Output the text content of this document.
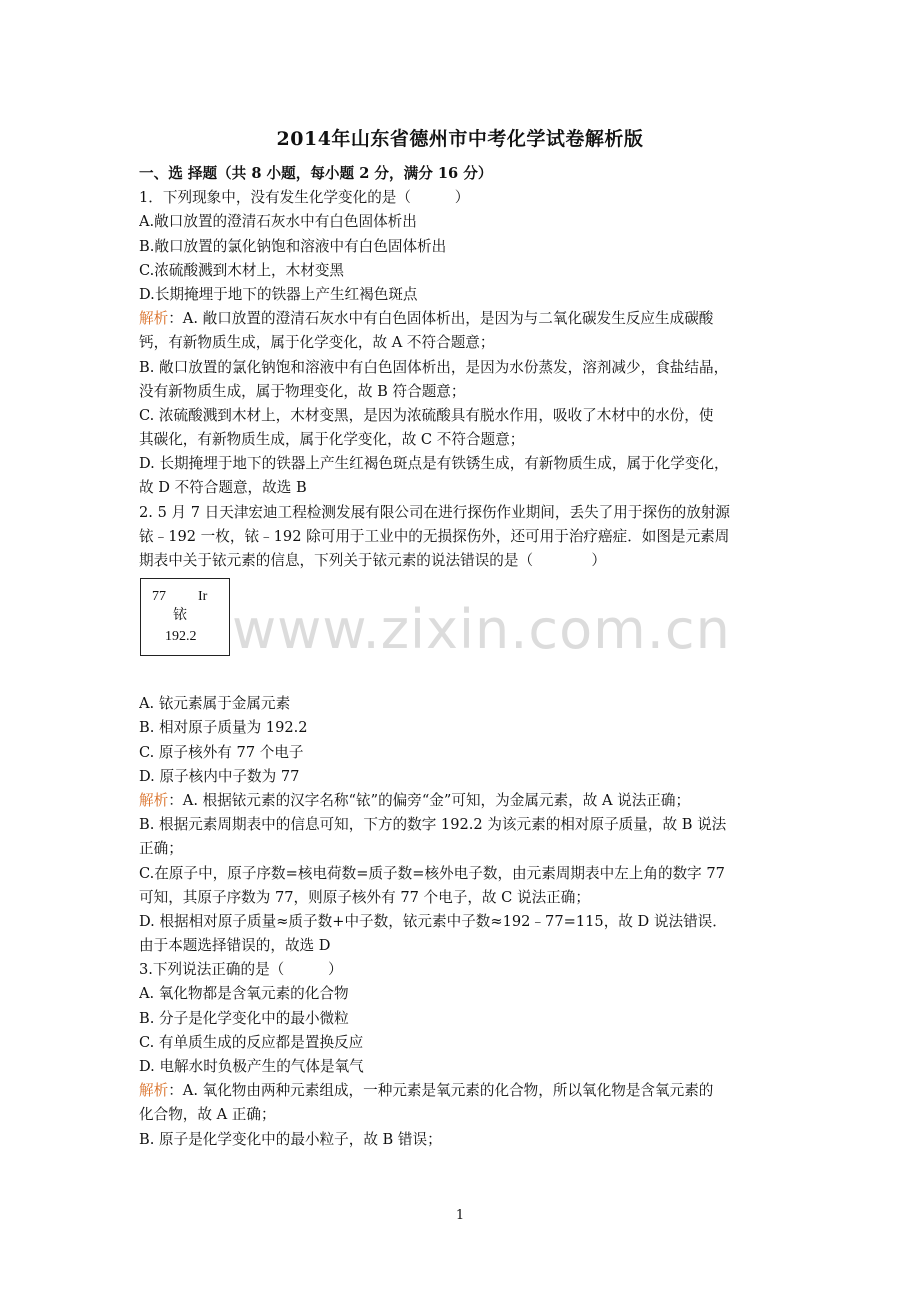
2014年山东省德州市中考化学试卷解析版
www.zixin.com.cn
一、选 择题（共 8 小题，每小题 2 分，满分 16 分）
1．下列现象中，没有发生化学变化的是（　　　）
A.敞口放置的澄清石灰水中有白色固体析出
B.敞口放置的氯化钠饱和溶液中有白色固体析出
C.浓硫酸溅到木材上，木材变黑
D.长期掩埋于地下的铁器上产生红褐色斑点
解析：A. 敞口放置的澄清石灰水中有白色固体析出，是因为与二氧化碳发生反应生成碳酸
钙，有新物质生成，属于化学变化，故 A 不符合题意；
B. 敞口放置的氯化钠饱和溶液中有白色固体析出，是因为水份蒸发，溶剂减少，食盐结晶，
没有新物质生成，属于物理变化，故 B 符合题意；
C. 浓硫酸溅到木材上，木材变黑，是因为浓硫酸具有脱水作用，吸收了木材中的水份，使
其碳化，有新物质生成，属于化学变化，故 C 不符合题意；
D. 长期掩埋于地下的铁器上产生红褐色斑点是有铁锈生成，有新物质生成，属于化学变化，
故 D 不符合题意，故选 B
2. 5 月 7 日天津宏迪工程检测发展有限公司在进行探伤作业期间，丢失了用于探伤的放射源
铱﹣192 一枚，铱﹣192 除可用于工业中的无损探伤外，还可用于治疗癌症．如图是元素周
期表中关于铱元素的信息，下列关于铱元素的说法错误的是（　　　　）
77 Ir
铱
192.2
A. 铱元素属于金属元素
B. 相对原子质量为 192.2
C. 原子核外有 77 个电子
D. 原子核内中子数为 77
解析：A. 根据铱元素的汉字名称“铱”的偏旁“金”可知，为金属元素，故 A 说法正确；
B. 根据元素周期表中的信息可知，下方的数字 192.2 为该元素的相对原子质量，故 B 说法
正确；
C.在原子中，原子序数=核电荷数=质子数=核外电子数，由元素周期表中左上角的数字 77
可知，其原子序数为 77，则原子核外有 77 个电子，故 C 说法正确；
D. 根据相对原子质量≈质子数+中子数，铱元素中子数≈192﹣77=115，故 D 说法错误．
由于本题选择错误的，故选 D
3.下列说法正确的是（　　　）
A. 氧化物都是含氧元素的化合物
B. 分子是化学变化中的最小微粒
C. 有单质生成的反应都是置换反应
D. 电解水时负极产生的气体是氧气
解析：A. 氧化物由两种元素组成，一种元素是氧元素的化合物，所以氧化物是含氧元素的
化合物，故 A 正确；
B. 原子是化学变化中的最小粒子，故 B 错误；
1
